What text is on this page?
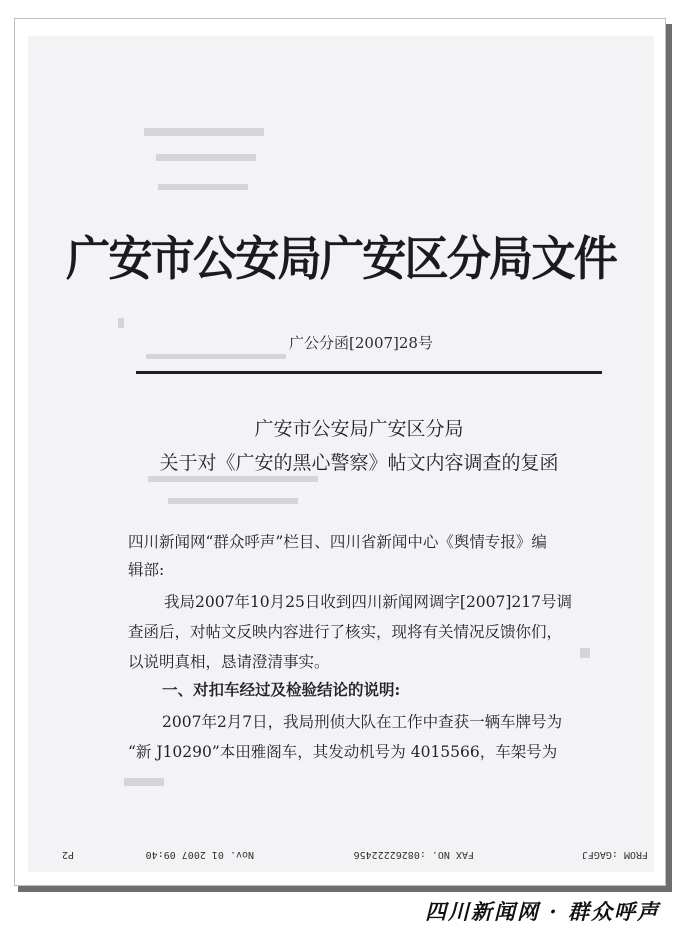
广安市公安局广安区分局文件
广公分函[2007]28号
广安市公安局广安区分局
关于对《广安的黑心警察》帖文内容调查的复函
四川新闻网“群众呼声”栏目、四川省新闻中心《舆情专报》编
辑部:
我局2007年10月25日收到四川新闻网调字[2007]217号调
查函后，对帖文反映内容进行了核实，现将有关情况反馈你们，
以说明真相，恳请澄清事实。
一、对扣车经过及检验结论的说明:
2007年2月7日，我局刑侦大队在工作中查获一辆车牌号为
“新 J10290”本田雅阁车，其发动机号为 4015566，车架号为
FROM :GAGFJ
FAX NO. :08262222456
Nov. 01 2007 09:40
P2
四川新闻网 · 群众呼声
